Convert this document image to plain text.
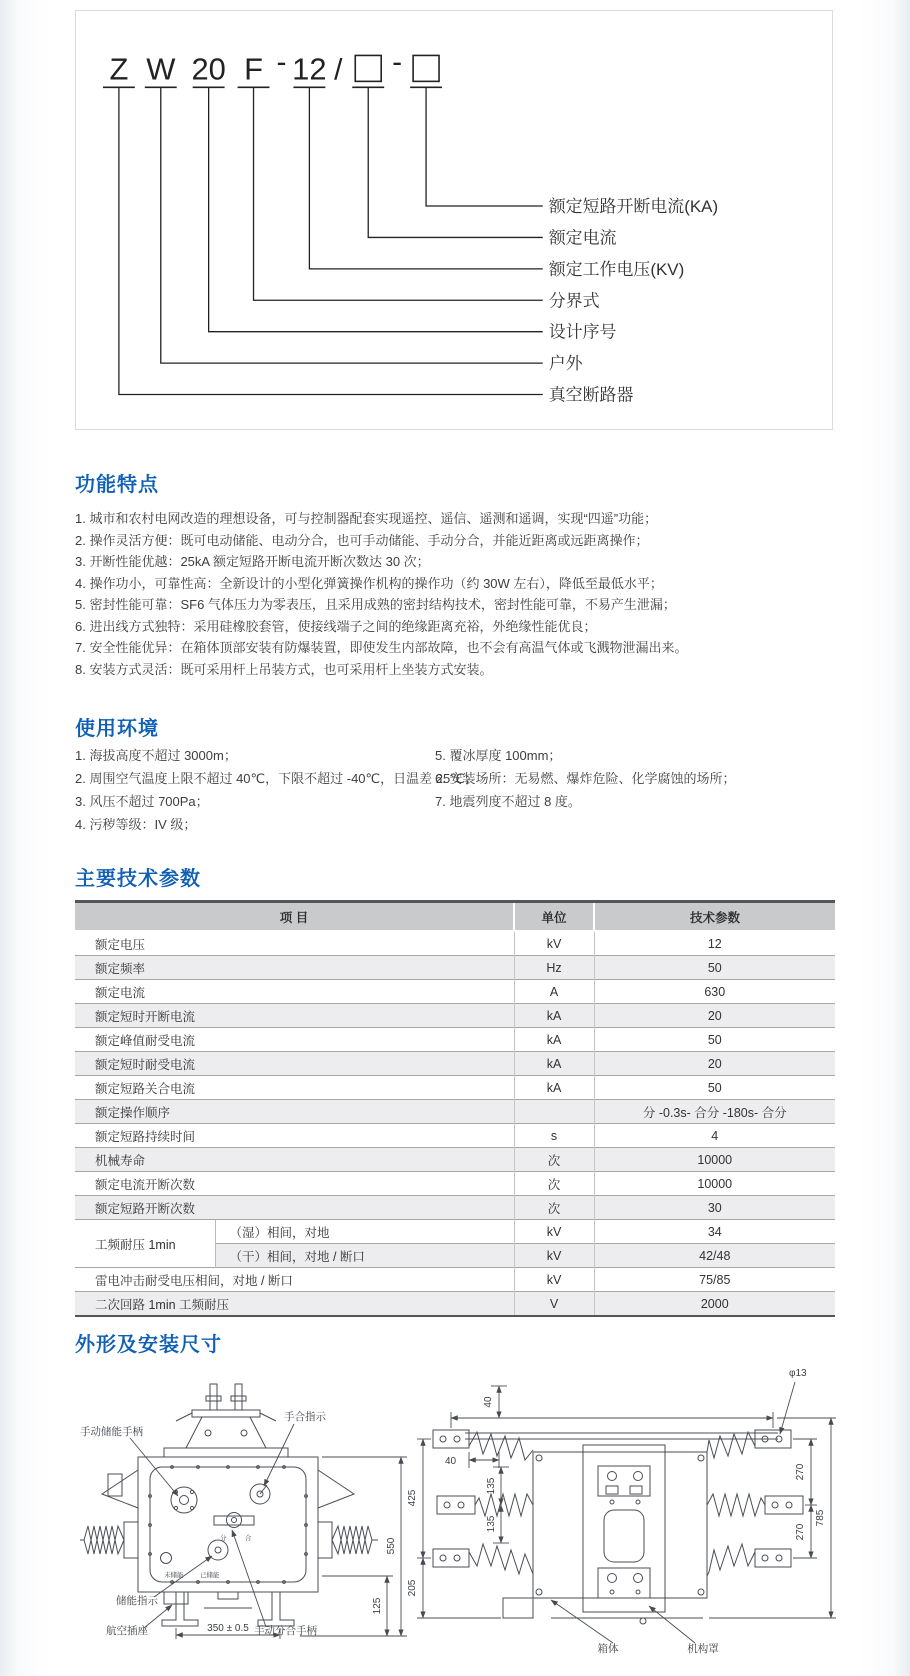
- / -
Z
真空断路器
W
户外
20
设计序号
F
分界式
12
额定工作电压(KV)
额定电流
额定短路开断电流(KA)
功能特点
1. 城市和农村电网改造的理想设备，可与控制器配套实现遥控、遥信、遥测和遥调，实现“四遥”功能；
2. 操作灵活方便：既可电动储能、电动分合，也可手动储能、手动分合，并能近距离或远距离操作；
3. 开断性能优越：25kA 额定短路开断电流开断次数达 30 次；
4. 操作功小，可靠性高：全新设计的小型化弹簧操作机构的操作功（约 30W 左右），降低至最低水平；
5. 密封性能可靠：SF6 气体压力为零表压，且采用成熟的密封结构技术，密封性能可靠，不易产生泄漏；
6. 进出线方式独特：采用硅橡胶套管，使接线端子之间的绝缘距离充裕，外绝缘性能优良；
7. 安全性能优异：在箱体顶部安装有防爆装置，即使发生内部故障，也不会有高温气体或飞溅物泄漏出来。
8. 安装方式灵活：既可采用杆上吊装方式，也可采用杆上坐装方式安装。
使用环境
1. 海拔高度不超过 3000m；
2. 周围空气温度上限不超过 40℃，下限不超过 -40℃，日温差 25℃；
3. 风压不超过 700Pa；
4. 污秽等级：IV 级；
5. 覆冰厚度 100mm；
6. 安装场所：无易燃、爆炸危险、化学腐蚀的场所；
7. 地震列度不超过 8 度。
主要技术参数
项 目		单位	技术参数
额定电压		kV	12
额定频率		Hz	50
额定电流		A	630
额定短时开断电流		kA	20
额定峰值耐受电流		kA	50
额定短时耐受电流		kA	20
额定短路关合电流		kA	50
额定操作顺序			分 -0.3s- 合分 -180s- 合分
额定短路持续时间		s	4
机械寿命		次	10000
额定电流开断次数		次	10000
额定短路开断次数		次	30
工频耐压 1min	（湿）相间，对地	kV	34
	（干）相间，对地 / 断口	kV	42/48
雷电冲击耐受电压相间，对地 / 断口		kV	75/85
二次回路 1min 工频耐压		V	2000
外形及安装尺寸
手动储能手柄
手合指示
储能指示
航空插座	手动分合手柄
350 ± 0.5
550
125
分	合
未储能	已储能
40
40
φ13
135
135
425
205
270
270
785
箱体	机构罩
